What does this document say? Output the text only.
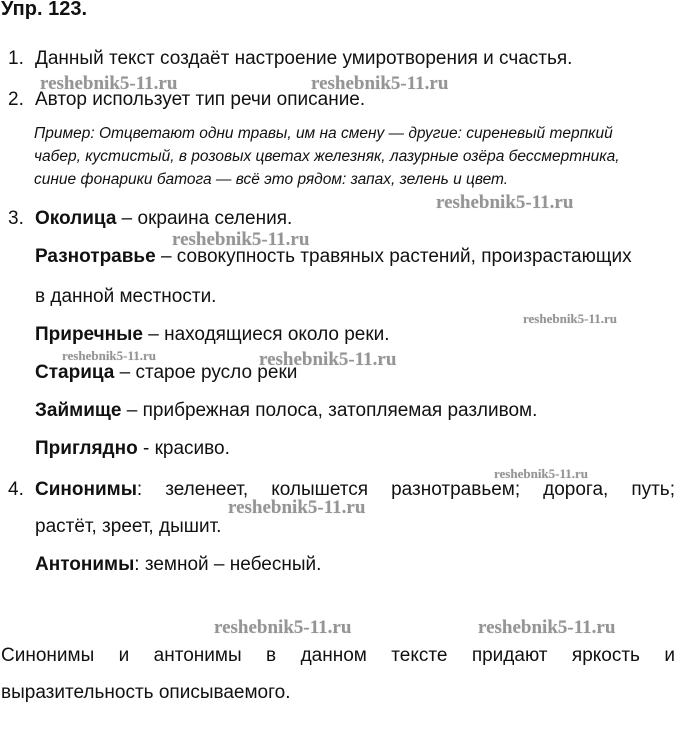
Упр. 123.
1. Данный текст создаёт настроение умиротворения и счастья.
2. Автор использует тип речи описание.
Пример: Отцветают одни травы, им на смену — другие: сиреневый терпкий чабер, кустистый, в розовых цветах железняк, лазурные озёра бессмертника, синие фонарики батога — всё это рядом: запах, зелень и цвет.
3. Околица – окраина селения.
Разнотравье – совокупность травяных растений, произрастающих
в данной местности.
Приречные – находящиеся около реки.
Старица – старое русло реки
Займище – прибрежная полоса, затопляемая разливом.
Приглядно - красиво.
4. Синонимы: зеленеет, колышется разнотравьем; дорога, путь;
растёт, зреет, дышит.
Антонимы: земной – небесный.
Синонимы и антонимы в данном тексте придают яркость и
выразительность описываемого.
reshebnik5-11.ru	reshebnik5-11.ru
reshebnik5-11.ru
reshebnik5-11.ru
reshebnik5-11.ru
reshebnik5-11.ru	reshebnik5-11.ru
reshebnik5-11.ru
reshebnik5-11.ru
reshebnik5-11.ru	reshebnik5-11.ru
